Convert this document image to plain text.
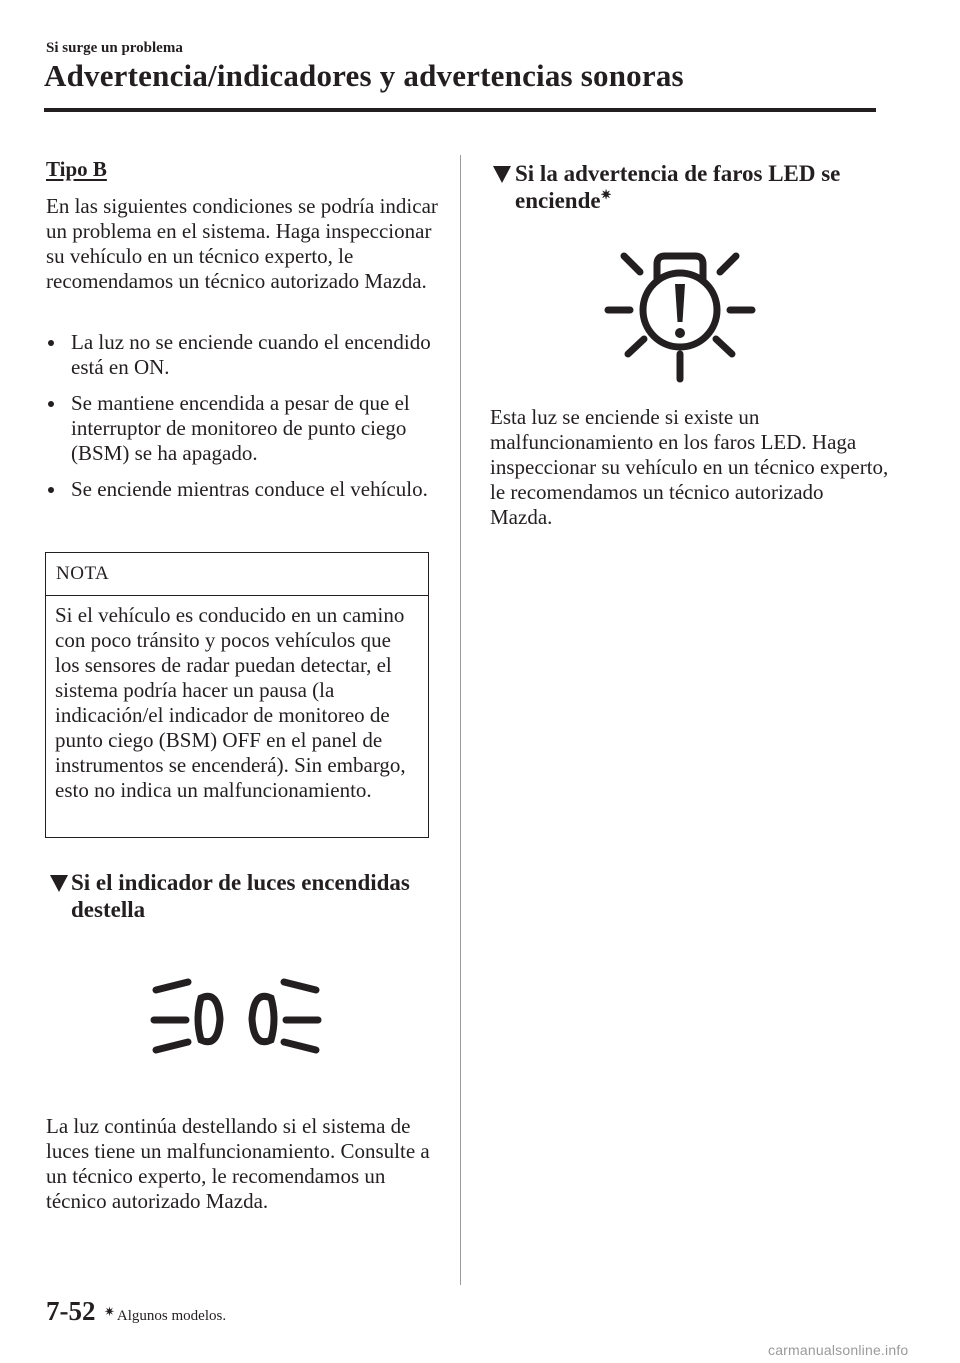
Si surge un problema
Advertencia/indicadores y advertencias sonoras
Tipo B
En las siguientes condiciones se podría indicar un problema en el sistema. Haga inspeccionar su vehículo en un técnico experto, le recomendamos un técnico autorizado Mazda.
La luz no se enciende cuando el encendido está en ON.
Se mantiene encendida a pesar de que el interruptor de monitoreo de punto ciego (BSM) se ha apagado.
Se enciende mientras conduce el vehículo.
NOTA
Si el vehículo es conducido en un camino con poco tránsito y pocos vehículos que los sensores de radar puedan detectar, el sistema podría hacer un pausa (la indicación/el indicador de monitoreo de punto ciego (BSM) OFF en el panel de instrumentos se encenderá). Sin embargo, esto no indica un malfuncionamiento.
Si el indicador de luces encendidas destella
La luz continúa destellando si el sistema de luces tiene un malfuncionamiento. Consulte a un técnico experto, le recomendamos un técnico autorizado Mazda.
Si la advertencia de faros LED se enciende✷
Esta luz se enciende si existe un malfuncionamiento en los faros LED. Haga inspeccionar su vehículo en un técnico experto, le recomendamos un técnico autorizado Mazda.
7-52 ✷ Algunos modelos.
carmanualsonline.info
